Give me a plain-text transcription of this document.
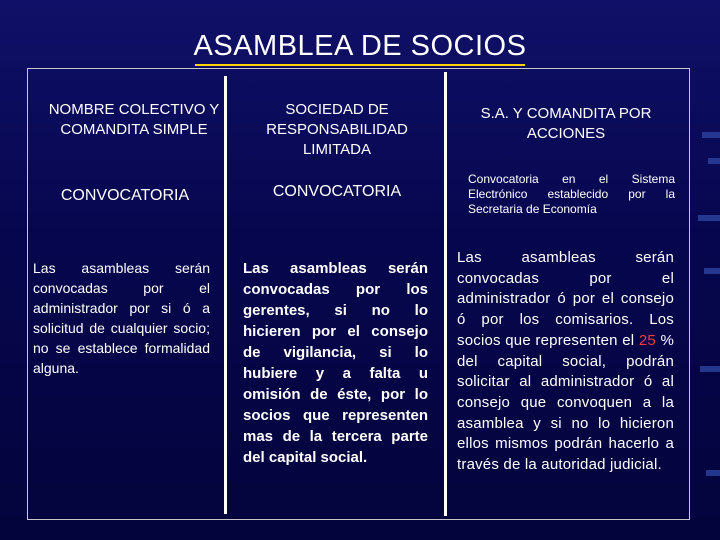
ASAMBLEA DE SOCIOS
NOMBRE COLECTIVO Y COMANDITA SIMPLE
SOCIEDAD DE RESPONSABILIDAD LIMITADA
S.A. Y COMANDITA POR ACCIONES
CONVOCATORIA	CONVOCATORIA
Convocatoria en el Sistema Electrónico establecido por la Secretaria de Economía
Las asambleas serán convocadas por el administrador por si ó a solicitud de cualquier socio; no se establece formalidad alguna.
Las asambleas serán convocadas por los gerentes, si no lo hicieren por el consejo de vigilancia, si lo hubiere y a falta u omisión de éste, por lo socios que representen mas de la tercera parte del capital social.
Las asambleas serán convocadas por el administrador ó por el consejo ó por los comisarios. Los socios que representen el 25 % del capital social, podrán solicitar al administrador ó al consejo que convoquen a la asamblea y si no lo hicieron ellos mismos podrán hacerlo a través de la autoridad judicial.
